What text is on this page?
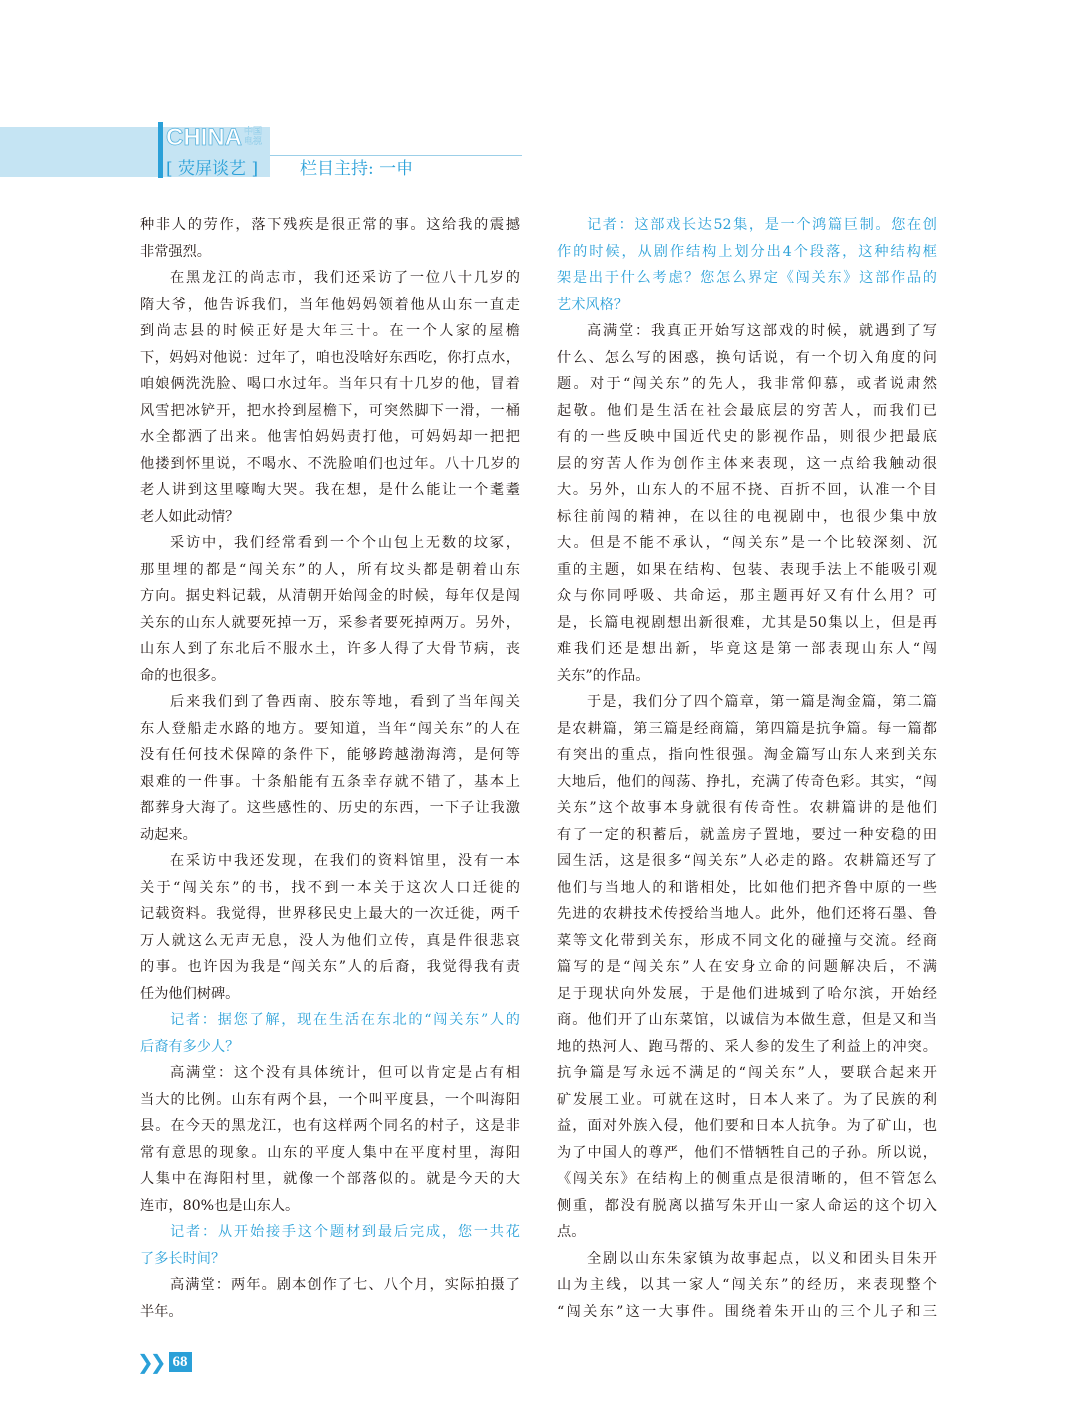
C HINA 中国
电视
[ 荧屏谈艺 ] 栏目主持: 一申
种非人的劳作，落下残疾是很正常的事。这给我的震撼
非常强烈。
在黑龙江的尚志市，我们还采访了一位八十几岁的
隋大爷，他告诉我们，当年他妈妈领着他从山东一直走
到尚志县的时候正好是大年三十。在一个人家的屋檐
下，妈妈对他说：过年了，咱也没啥好东西吃，你打点水，
咱娘俩洗洗脸、喝口水过年。当年只有十几岁的他，冒着
风雪把冰铲开，把水拎到屋檐下，可突然脚下一滑，一桶
水全都洒了出来。他害怕妈妈责打他，可妈妈却一把把
他搂到怀里说，不喝水、不洗脸咱们也过年。八十几岁的
老人讲到这里嚎啕大哭。我在想，是什么能让一个耄耋
老人如此动情？
采访中，我们经常看到一个个山包上无数的坟冢，
那里埋的都是“闯关东”的人，所有坟头都是朝着山东
方向。据史料记载，从清朝开始闯金的时候，每年仅是闯
关东的山东人就要死掉一万，采参者要死掉两万。另外，
山东人到了东北后不服水土，许多人得了大骨节病，丧
命的也很多。
后来我们到了鲁西南、胶东等地，看到了当年闯关
东人登船走水路的地方。要知道，当年“闯关东”的人在
没有任何技术保障的条件下，能够跨越渤海湾，是何等
艰难的一件事。十条船能有五条幸存就不错了，基本上
都葬身大海了。这些感性的、历史的东西，一下子让我激
动起来。
在采访中我还发现，在我们的资料馆里，没有一本
关于“闯关东”的书，找不到一本关于这次人口迁徙的
记载资料。我觉得，世界移民史上最大的一次迁徙，两千
万人就这么无声无息，没人为他们立传，真是件很悲哀
的事。也许因为我是“闯关东”人的后裔，我觉得我有责
任为他们树碑。
记者：据您了解，现在生活在东北的“闯关东”人的
后裔有多少人？
高满堂：这个没有具体统计，但可以肯定是占有相
当大的比例。山东有两个县，一个叫平度县，一个叫海阳
县。在今天的黑龙江，也有这样两个同名的村子，这是非
常有意思的现象。山东的平度人集中在平度村里，海阳
人集中在海阳村里，就像一个部落似的。就是今天的大
连市，80%也是山东人。
记者：从开始接手这个题材到最后完成，您一共花
了多长时间？
高满堂：两年。剧本创作了七、八个月，实际拍摄了
半年。
记者：这部戏长达52集，是一个鸿篇巨制。您在创
作的时候，从剧作结构上划分出4个段落，这种结构框
架是出于什么考虑？您怎么界定《闯关东》这部作品的
艺术风格？
高满堂：我真正开始写这部戏的时候，就遇到了写
什么、怎么写的困惑，换句话说，有一个切入角度的问
题。对于“闯关东”的先人，我非常仰慕，或者说肃然
起敬。他们是生活在社会最底层的穷苦人，而我们已
有的一些反映中国近代史的影视作品，则很少把最底
层的穷苦人作为创作主体来表现，这一点给我触动很
大。另外，山东人的不屈不挠、百折不回，认准一个目
标往前闯的精神，在以往的电视剧中，也很少集中放
大。但是不能不承认，“闯关东”是一个比较深刻、沉
重的主题，如果在结构、包装、表现手法上不能吸引观
众与你同呼吸、共命运，那主题再好又有什么用？可
是，长篇电视剧想出新很难，尤其是50集以上，但是再
难我们还是想出新，毕竟这是第一部表现山东人“闯
关东”的作品。
于是，我们分了四个篇章，第一篇是淘金篇，第二篇
是农耕篇，第三篇是经商篇，第四篇是抗争篇。每一篇都
有突出的重点，指向性很强。淘金篇写山东人来到关东
大地后，他们的闯荡、挣扎，充满了传奇色彩。其实，“闯
关东”这个故事本身就很有传奇性。农耕篇讲的是他们
有了一定的积蓄后，就盖房子置地，要过一种安稳的田
园生活，这是很多“闯关东”人必走的路。农耕篇还写了
他们与当地人的和谐相处，比如他们把齐鲁中原的一些
先进的农耕技术传授给当地人。此外，他们还将石墨、鲁
菜等文化带到关东，形成不同文化的碰撞与交流。经商
篇写的是“闯关东”人在安身立命的问题解决后，不满
足于现状向外发展，于是他们进城到了哈尔滨，开始经
商。他们开了山东菜馆，以诚信为本做生意，但是又和当
地的热河人、跑马帮的、采人参的发生了利益上的冲突。
抗争篇是写永远不满足的“闯关东”人，要联合起来开
矿发展工业。可就在这时，日本人来了。为了民族的利
益，面对外族入侵，他们要和日本人抗争。为了矿山，也
为了中国人的尊严，他们不惜牺牲自己的子孙。所以说，
《闯关东》在结构上的侧重点是很清晰的，但不管怎么
侧重，都没有脱离以描写朱开山一家人命运的这个切入
点。
全剧以山东朱家镇为故事起点，以义和团头目朱开
山为主线，以其一家人“闯关东”的经历，来表现整个
“闯关东”这一大事件。围绕着朱开山的三个儿子和三
❯❯ 68
